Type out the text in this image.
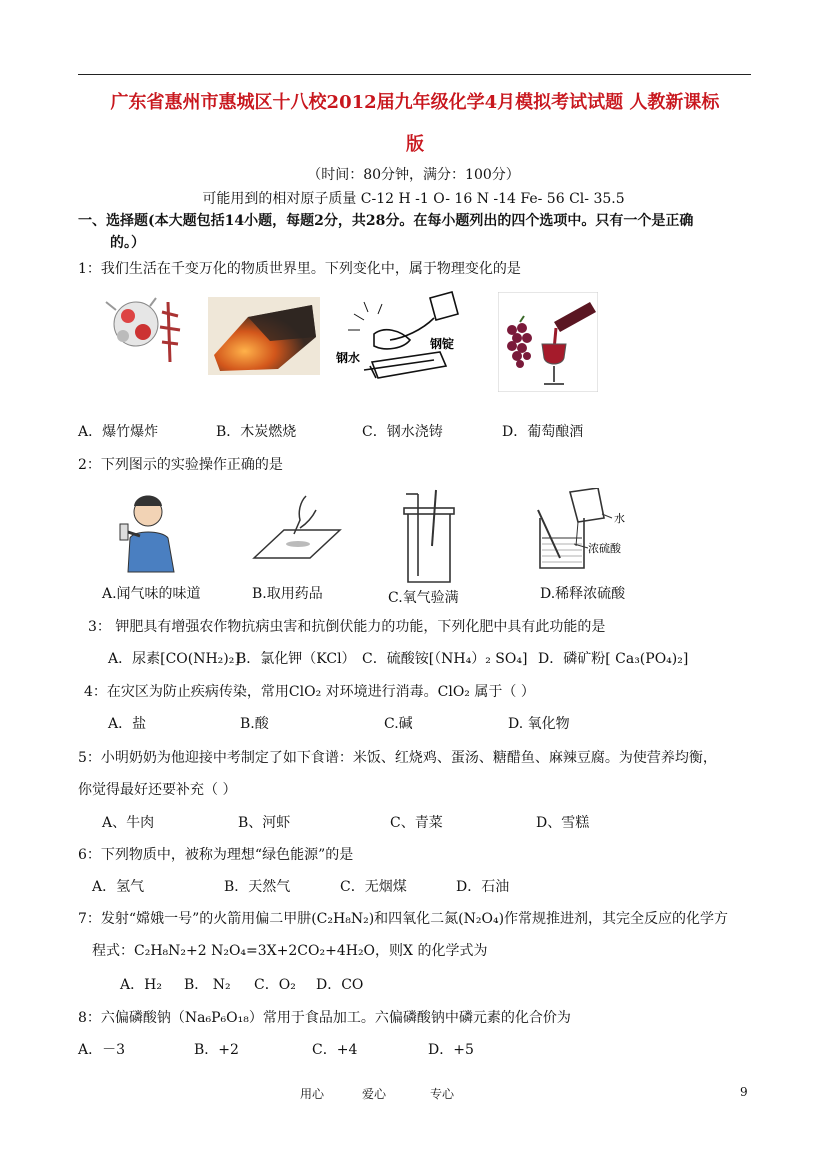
广东省惠州市惠城区十八校2012届九年级化学4月模拟考试试题 人教新课标
版
（时间：80分钟，满分：100分）
可能用到的相对原子质量 C-12 H -1 O- 16 N -14 Fe- 56 Cl- 35.5
一、选择题(本大题包括14小题，每题2分，共28分。在每小题列出的四个选项中。只有一个是正确
的。）
1：我们生活在千变万化的物质世界里。下列变化中，属于物理变化的是
钢水
钢锭
A．爆竹爆炸	B．木炭燃烧	C．钢水浇铸	D．葡萄酿酒
2：下列图示的实验操作正确的是
水
浓硫酸
A.闻气味的味道	B.取用药品	C.氧气验满	D.稀释浓硫酸
3： 钾肥具有增强农作物抗病虫害和抗倒伏能力的功能，下列化肥中具有此功能的是
A．尿素[CO(NH₂)₂]
B．氯化钾（KCl） C．硫酸铵[（NH₄）₂ SO₄] D．磷矿粉[ Ca₃(PO₄)₂]
4：在灾区为防止疾病传染，常用ClO₂ 对环境进行消毒。ClO₂ 属于（ ）
A．盐	B.酸	C.碱	D. 氧化物
5：小明奶奶为他迎接中考制定了如下食谱：米饭、红烧鸡、蛋汤、糖醋鱼、麻辣豆腐。为使营养均衡，
你觉得最好还要补充（ ）
A、牛肉	B、河虾	C、青菜	D、雪糕
6：下列物质中，被称为理想“绿色能源”的是
A．氢气	B．天然气	C．无烟煤	D．石油
7：发射“嫦娥一号”的火箭用偏二甲肼(C₂H₈N₂)和四氧化二氮(N₂O₄)作常规推进剂，其完全反应的化学方
程式：C₂H₈N₂+2 N₂O₄=3X+2CO₂+4H₂O，则X 的化学式为
A．H₂ B． N₂ C．O₂ D．CO
8：六偏磷酸钠（Na₆P₆O₁₈）常用于食品加工。六偏磷酸钠中磷元素的化合价为
A．－3	B．+2	C．+4	D．+5
用心	爱心	专心	9
